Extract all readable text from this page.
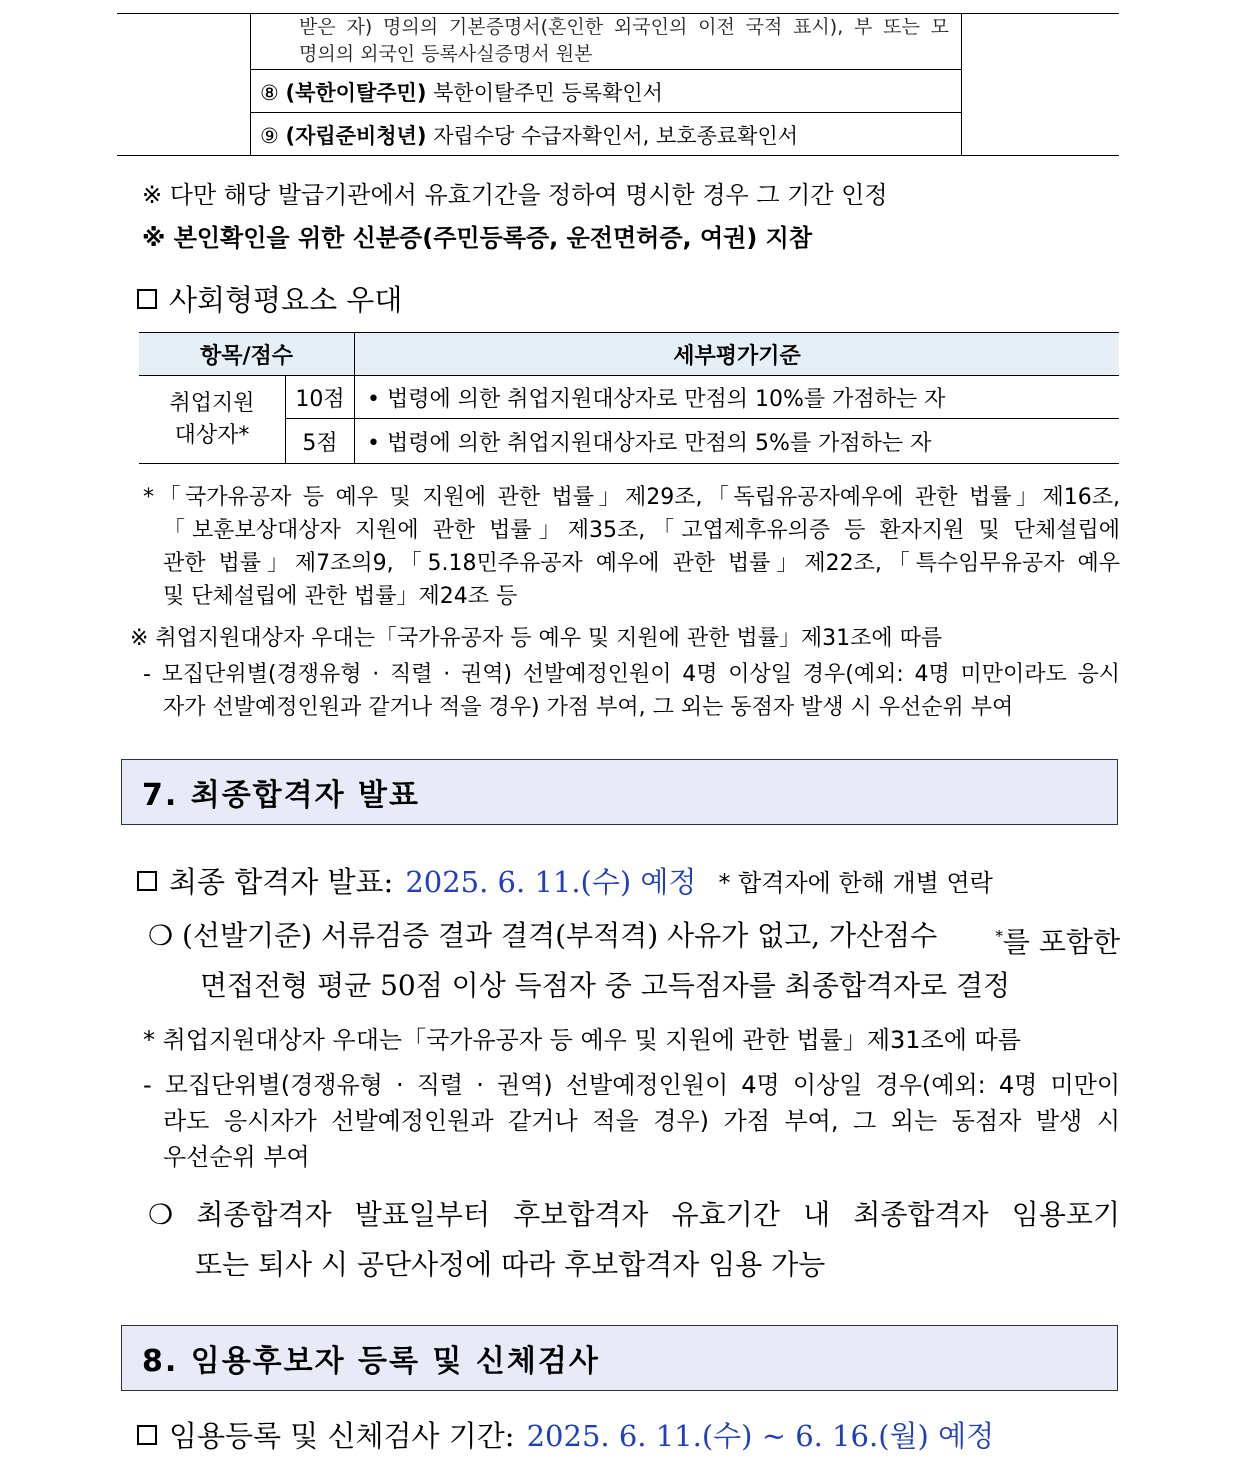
받은 자) 명의의 기본증명서(혼인한 외국인의 이전 국적 표시), 부 또는 모
명의의 외국인 등록사실증명서 원본
⑧ (북한이탈주민) 북한이탈주민 등록확인서
⑨ (자립준비청년) 자립수당 수급자확인서, 보호종료확인서
※ 다만 해당 발급기관에서 유효기간을 정하여 명시한 경우 그 기간 인정
※ 본인확인을 위한 신분증(주민등록증, 운전면허증, 여권) 지참
사회형평요소 우대
항목/점수	세부평가기준
취업지원
대상자*
10점	• 법령에 의한 취업지원대상자로 만점의 10%를 가점하는 자
5점	• 법령에 의한 취업지원대상자로 만점의 5%를 가점하는 자
*「국가유공자 등 예우 및 지원에 관한 법률」제29조,「독립유공자예우에 관한 법률」제16조,
「보훈보상대상자 지원에 관한 법률」제35조,「고엽제후유의증 등 환자지원 및 단체설립에
관한 법률」제7조의9,「5.18민주유공자 예우에 관한 법률」제22조,「특수임무유공자 예우
및 단체설립에 관한 법률」제24조 등
※ 취업지원대상자 우대는「국가유공자 등 예우 및 지원에 관한 법률」제31조에 따름
- 모집단위별(경쟁유형 · 직렬 · 권역) 선발예정인원이 4명 이상일 경우(예외: 4명 미만이라도 응시
자가 선발예정인원과 같거나 적을 경우) 가점 부여, 그 외는 동점자 발생 시 우선순위 부여
7. 최종합격자 발표
최종 합격자 발표: 2025. 6. 11.(수) 예정 * 합격자에 한해 개별 연락
❍ (선발기준) 서류검증 결과 결격(부적격) 사유가 없고, 가산점수	*를 포함한
면접전형 평균 50점 이상 득점자 중 고득점자를 최종합격자로 결정
* 취업지원대상자 우대는「국가유공자 등 예우 및 지원에 관한 법률」제31조에 따름
- 모집단위별(경쟁유형 · 직렬 · 권역) 선발예정인원이 4명 이상일 경우(예외: 4명 미만이
라도 응시자가 선발예정인원과 같거나 적을 경우) 가점 부여, 그 외는 동점자 발생 시
우선순위 부여
❍ 최종합격자 발표일부터 후보합격자 유효기간 내 최종합격자 임용포기
또는 퇴사 시 공단사정에 따라 후보합격자 임용 가능
8. 임용후보자 등록 및 신체검사
임용등록 및 신체검사 기간: 2025. 6. 11.(수) ~ 6. 16.(월) 예정
